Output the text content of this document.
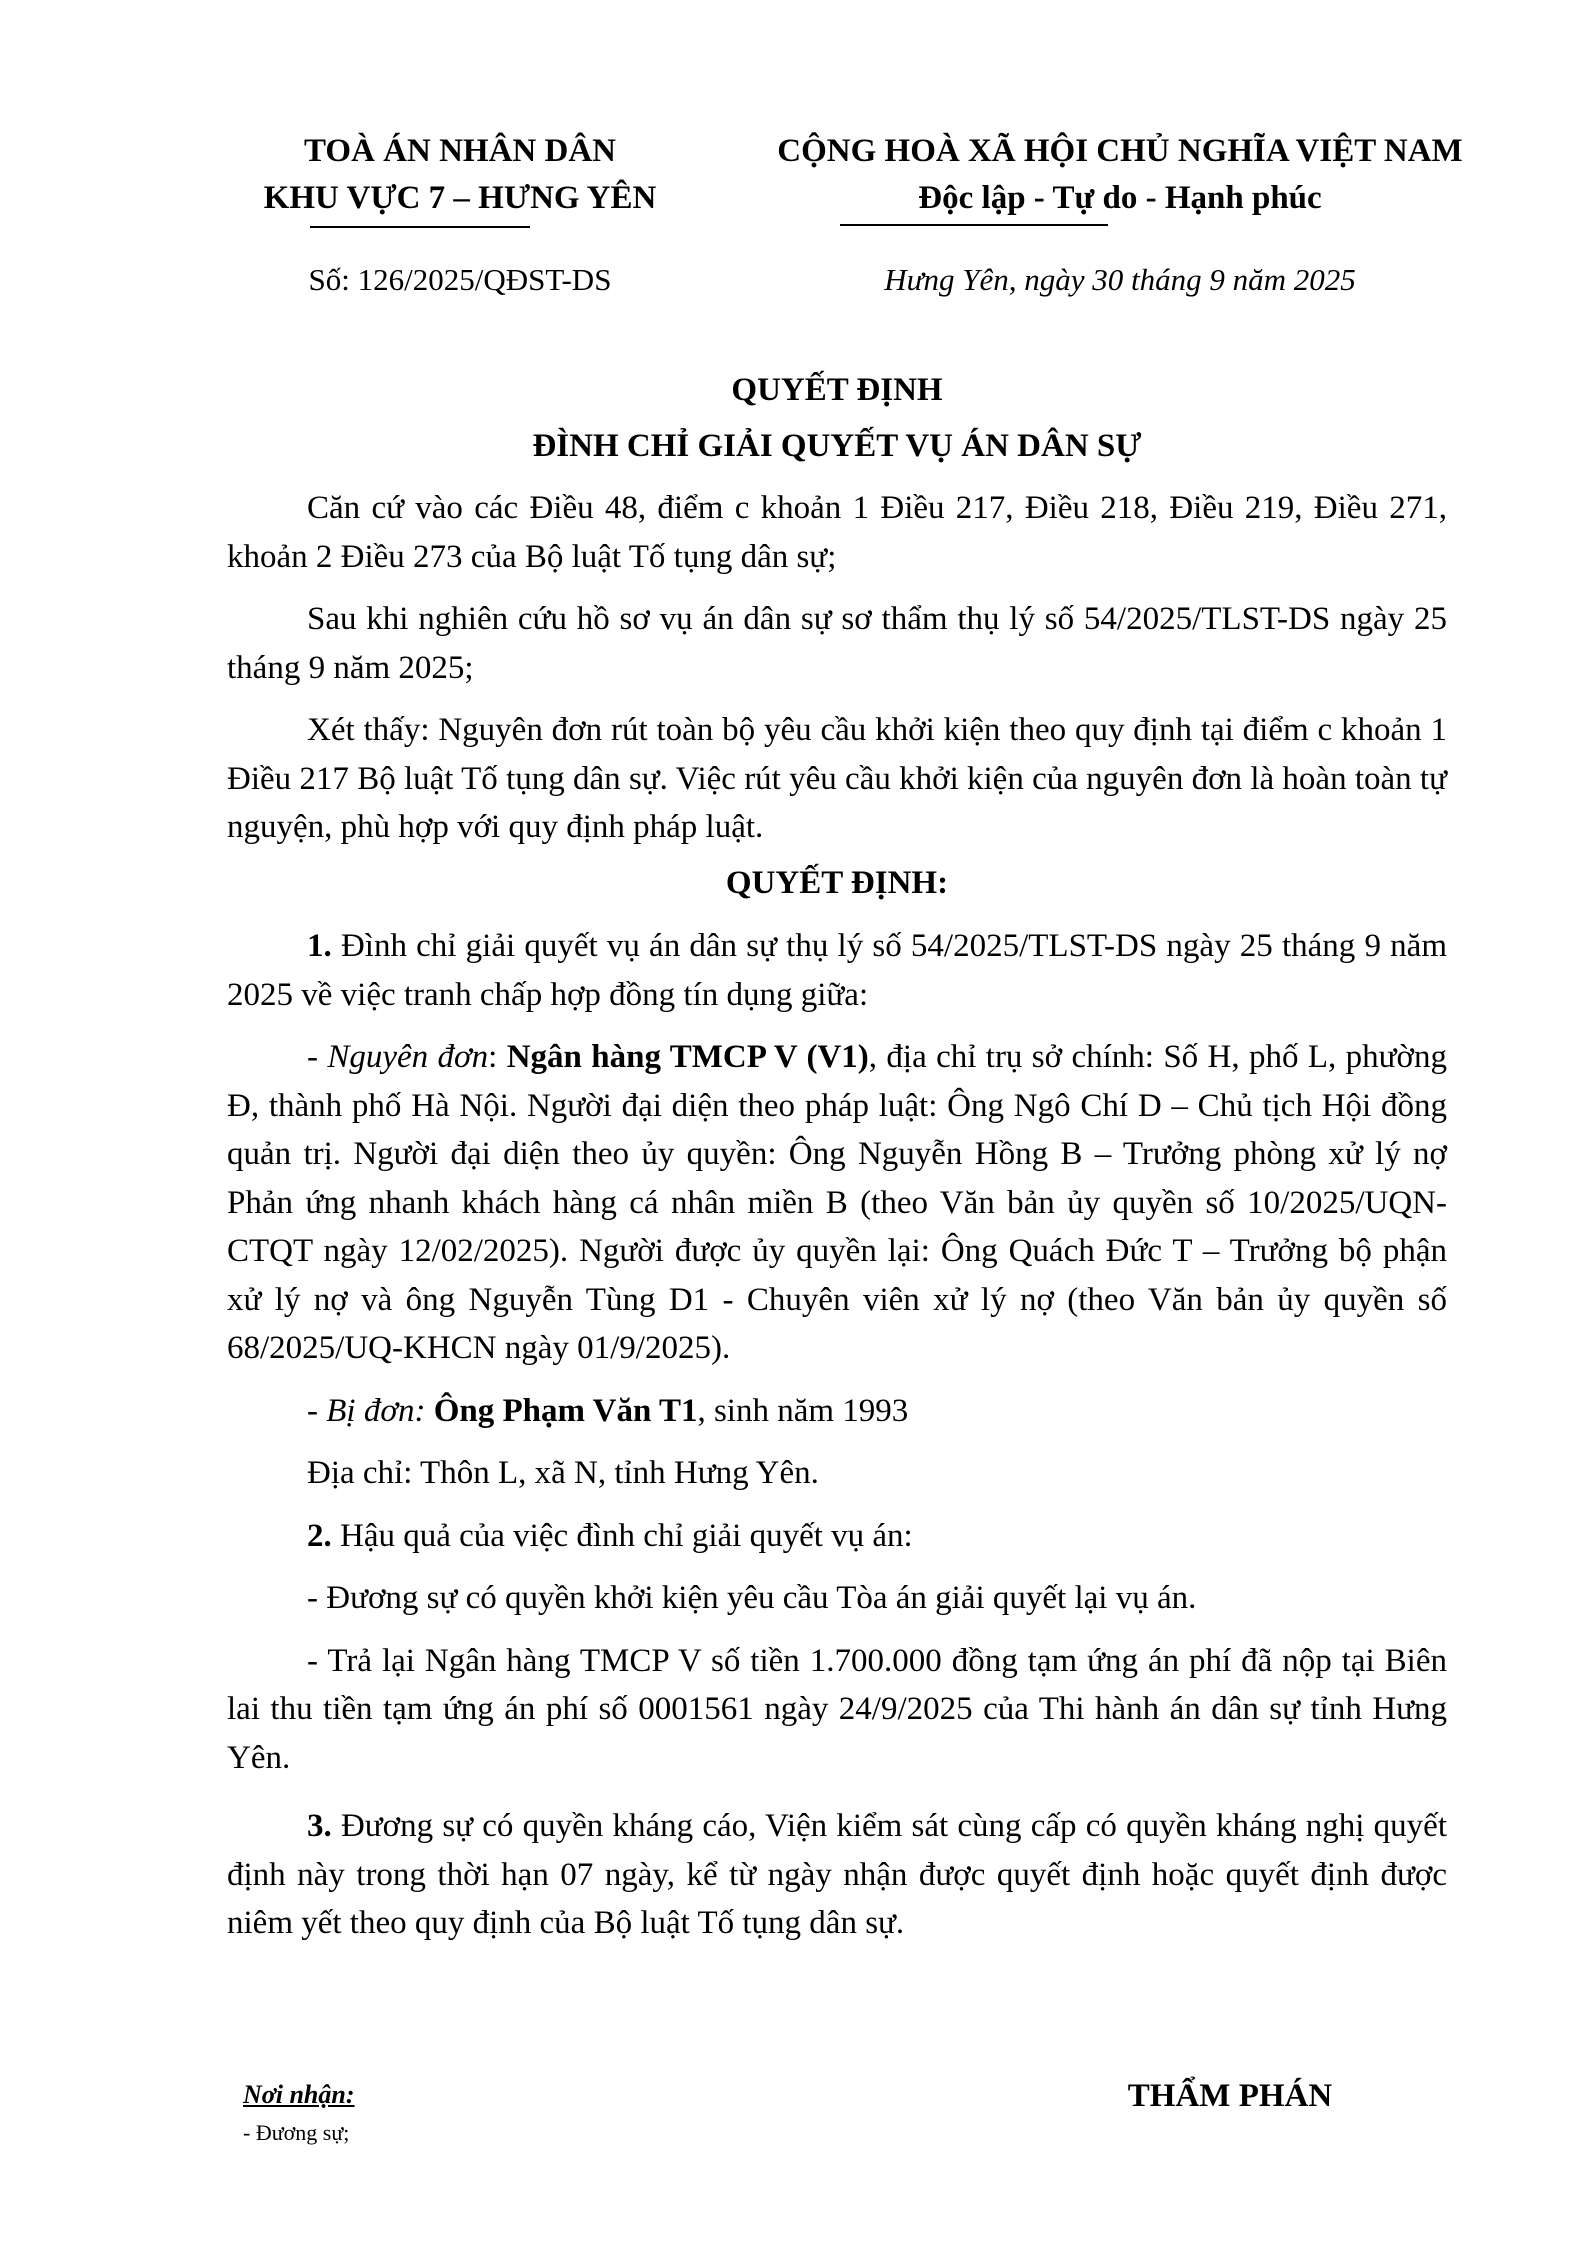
TOÀ ÁN NHÂN DÂN
KHU VỰC 7 – HƯNG YÊN
CỘNG HOÀ XÃ HỘI CHỦ NGHĨA VIỆT NAM
Độc lập - Tự do - Hạnh phúc
Số: 126/2025/QĐST-DS	Hưng Yên, ngày 30 tháng 9 năm 2025
QUYẾT ĐỊNH
ĐÌNH CHỈ GIẢI QUYẾT VỤ ÁN DÂN SỰ

Căn cứ vào các Điều 48, điểm c khoản 1 Điều 217, Điều 218, Điều 219, Điều 271, khoản 2 Điều 273 của Bộ luật Tố tụng dân sự;

Sau khi nghiên cứu hồ sơ vụ án dân sự sơ thẩm thụ lý số 54/2025/TLST-DS ngày 25 tháng 9 năm 2025;

Xét thấy: Nguyên đơn rút toàn bộ yêu cầu khởi kiện theo quy định tại điểm c khoản 1 Điều 217 Bộ luật Tố tụng dân sự. Việc rút yêu cầu khởi kiện của nguyên đơn là hoàn toàn tự nguyện, phù hợp với quy định pháp luật.

QUYẾT ĐỊNH:

1. Đình chỉ giải quyết vụ án dân sự thụ lý số 54/2025/TLST-DS ngày 25 tháng 9 năm 2025 về việc tranh chấp hợp đồng tín dụng giữa:

- Nguyên đơn: Ngân hàng TMCP V (V1), địa chỉ trụ sở chính: Số H, phố L, phường Đ, thành phố Hà Nội. Người đại diện theo pháp luật: Ông Ngô Chí D – Chủ tịch Hội đồng quản trị. Người đại diện theo ủy quyền: Ông Nguyễn Hồng B – Trưởng phòng xử lý nợ Phản ứng nhanh khách hàng cá nhân miền B (theo Văn bản ủy quyền số 10/2025/UQN-CTQT ngày 12/02/2025). Người được ủy quyền lại: Ông Quách Đức T – Trưởng bộ phận xử lý nợ và ông Nguyễn Tùng D1 - Chuyên viên xử lý nợ (theo Văn bản ủy quyền số 68/2025/UQ-KHCN ngày 01/9/2025).

- Bị đơn: Ông Phạm Văn T1, sinh năm 1993

Địa chỉ: Thôn L, xã N, tỉnh Hưng Yên.

2. Hậu quả của việc đình chỉ giải quyết vụ án:

- Đương sự có quyền khởi kiện yêu cầu Tòa án giải quyết lại vụ án.

- Trả lại Ngân hàng TMCP V số tiền 1.700.000 đồng tạm ứng án phí đã nộp tại Biên lai thu tiền tạm ứng án phí số 0001561 ngày 24/9/2025 của Thi hành án dân sự tỉnh Hưng Yên.

3. Đương sự có quyền kháng cáo, Viện kiểm sát cùng cấp có quyền kháng nghị quyết định này trong thời hạn 07 ngày, kể từ ngày nhận được quyết định hoặc quyết định được niêm yết theo quy định của Bộ luật Tố tụng dân sự.

Nơi nhận:
- Đương sự;
THẨM PHÁN
